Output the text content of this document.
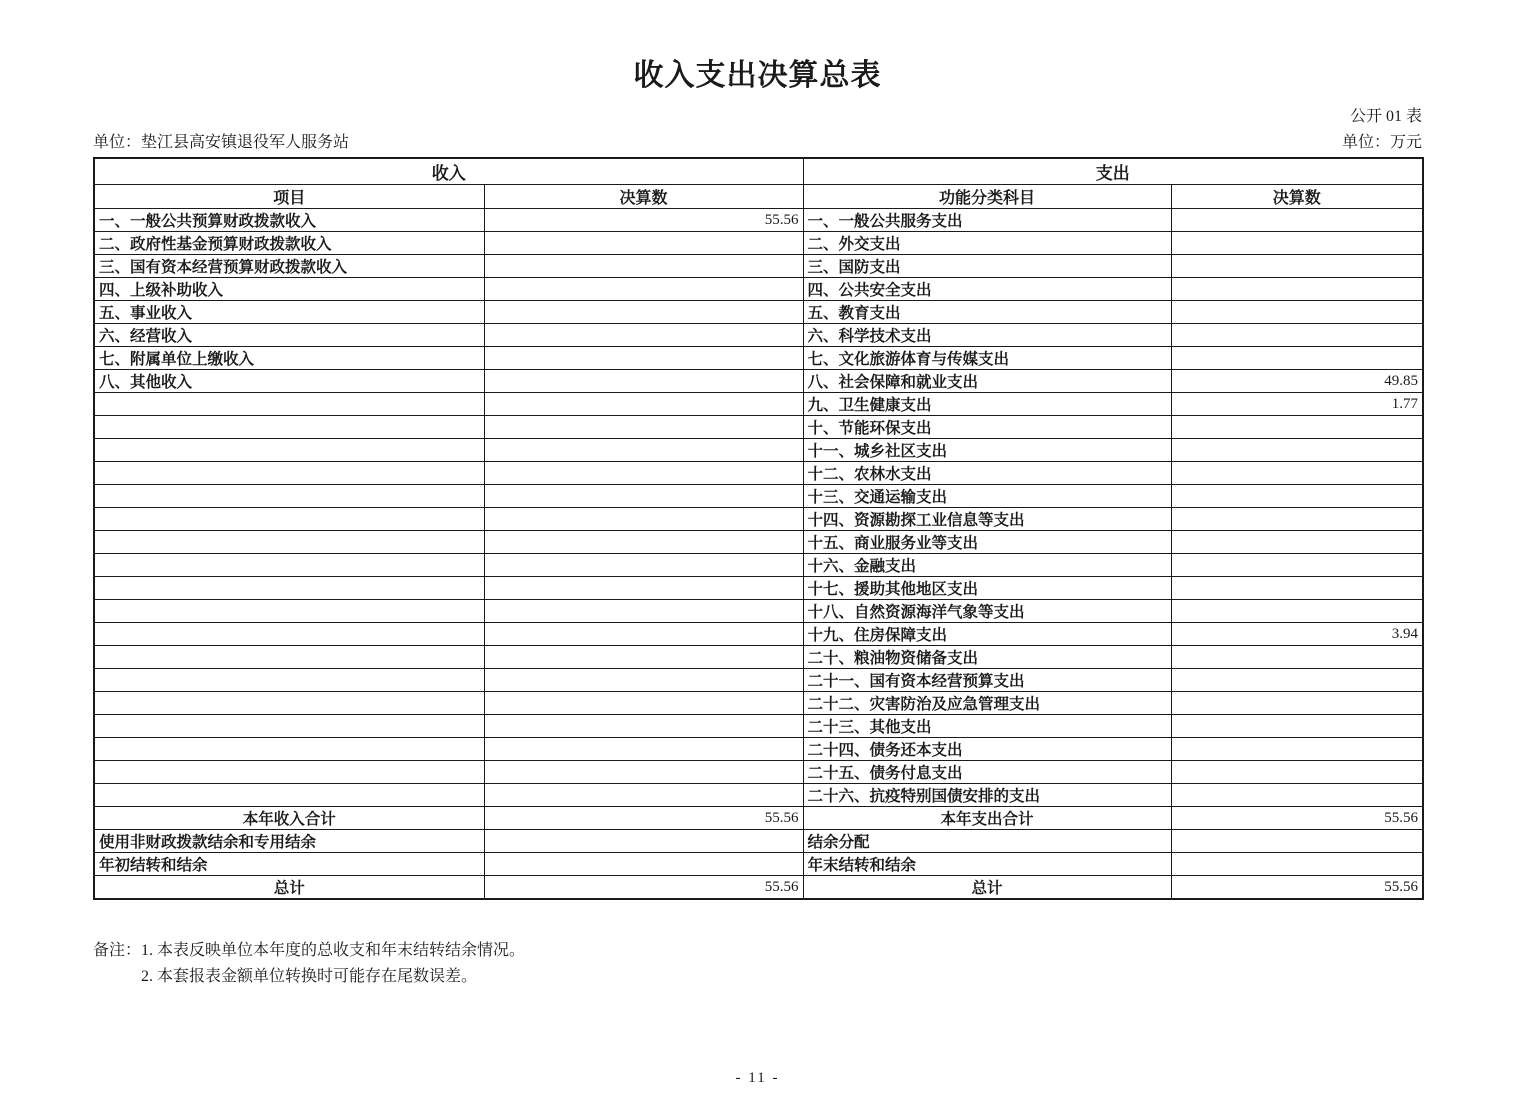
收入支出决算总表
公开 01 表
单位：垫江县高安镇退役军人服务站	单位：万元
收入		支出	
项目	决算数	功能分类科目	决算数
一、一般公共预算财政拨款收入	55.56	一、一般公共服务支出	
二、政府性基金预算财政拨款收入		二、外交支出	
三、国有资本经营预算财政拨款收入		三、国防支出	
四、上级补助收入		四、公共安全支出	
五、事业收入		五、教育支出	
六、经营收入		六、科学技术支出	
七、附属单位上缴收入		七、文化旅游体育与传媒支出	
八、其他收入		八、社会保障和就业支出	49.85
		九、卫生健康支出	1.77
		十、节能环保支出	
		十一、城乡社区支出	
		十二、农林水支出	
		十三、交通运输支出	
		十四、资源勘探工业信息等支出	
		十五、商业服务业等支出	
		十六、金融支出	
		十七、援助其他地区支出	
		十八、自然资源海洋气象等支出	
		十九、住房保障支出	3.94
		二十、粮油物资储备支出	
		二十一、国有资本经营预算支出	
		二十二、灾害防治及应急管理支出	
		二十三、其他支出	
		二十四、债务还本支出	
		二十五、债务付息支出	
		二十六、抗疫特别国债安排的支出	
本年收入合计	55.56	本年支出合计	55.56
使用非财政拨款结余和专用结余		结余分配	
年初结转和结余		年末结转和结余	
总计	55.56	总计	55.56
备注： 1. 本表反映单位本年度的总收支和年末结转结余情况。
2. 本套报表金额单位转换时可能存在尾数误差。
- 11 -
